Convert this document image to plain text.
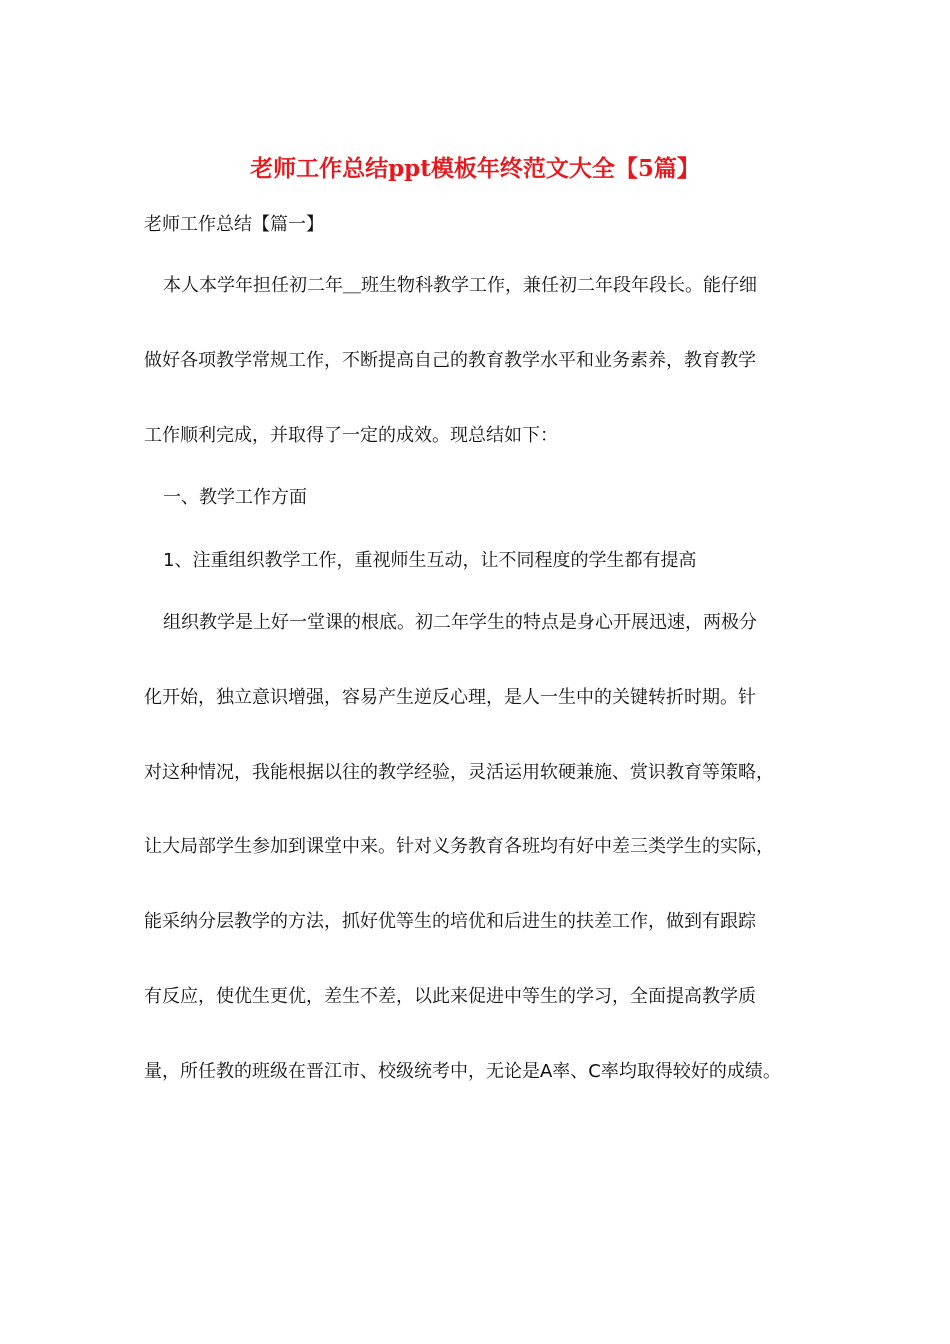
老师工作总结ppt模板年终范文大全【5篇】
老师工作总结【篇一】
本人本学年担任初二年＿班生物科教学工作，兼任初二年段年段长。能仔细
做好各项教学常规工作，不断提高自己的教育教学水平和业务素养，教育教学
工作顺利完成，并取得了一定的成效。现总结如下：
一、教学工作方面
1、注重组织教学工作，重视师生互动，让不同程度的学生都有提高
组织教学是上好一堂课的根底。初二年学生的特点是身心开展迅速，两极分
化开始，独立意识增强，容易产生逆反心理，是人一生中的关键转折时期。针
对这种情况，我能根据以往的教学经验，灵活运用软硬兼施、赏识教育等策略，
让大局部学生参加到课堂中来。针对义务教育各班均有好中差三类学生的实际，
能采纳分层教学的方法，抓好优等生的培优和后进生的扶差工作，做到有跟踪
有反应，使优生更优，差生不差，以此来促进中等生的学习，全面提高教学质
量，所任教的班级在晋江市、校级统考中，无论是A率、C率均取得较好的成绩。
